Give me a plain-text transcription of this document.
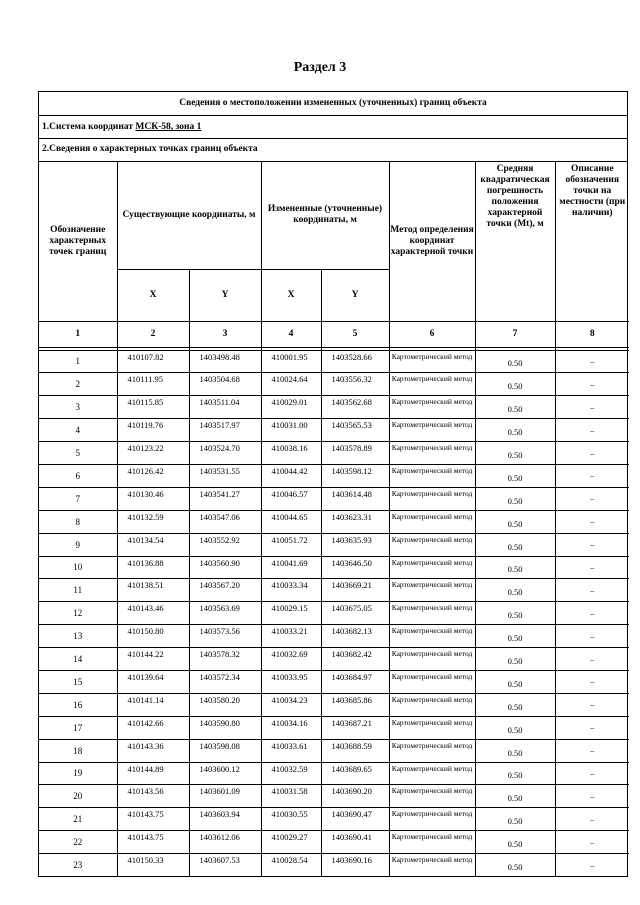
Раздел 3
Сведения о местоположении измененных (уточненных) границ объекта
1.Система координат МСК-58, зона 1
2.Сведения о характерных точках границ объекта
Обозначение характерных точек границ	Существующие координаты, м		Измененные (уточненные) координаты, м		Метод определения координат характерной точки	Средняя квадратическая погрешность положения характерной точки (Mt), м	Описание обозначения точки на местности (при наличии)
	X	Y	X	Y			
1	2	3	4	5	6	7	8

1	410107.82	1403498.48	410001.95	1403528.66	Картометрический метод	0.50	–
2	410111.95	1403504.68	410024.64	1403556.32	Картометрический метод	0.50	–
3	410115.85	1403511.04	410029.01	1403562.68	Картометрический метод	0.50	–
4	410119.76	1403517.97	410031.00	1403565.53	Картометрический метод	0.50	–
5	410123.22	1403524.70	410038.16	1403578.89	Картометрический метод	0.50	–
6	410126.42	1403531.55	410044.42	1403598.12	Картометрический метод	0.50	–
7	410130.46	1403541.27	410046.57	1403614.48	Картометрический метод	0.50	–
8	410132.59	1403547.06	410044.65	1403623.31	Картометрический метод	0.50	–
9	410134.54	1403552.92	410051.72	1403635.93	Картометрический метод	0.50	–
10	410136.88	1403560.90	410041.69	1403646.50	Картометрический метод	0.50	–
11	410138.51	1403567.20	410033.34	1403669.21	Картометрический метод	0.50	–
12	410143.46	1403563.69	410029.15	1403675.05	Картометрический метод	0.50	–
13	410150.80	1403573.56	410033.21	1403682.13	Картометрический метод	0.50	–
14	410144.22	1403578.32	410032.69	1403682.42	Картометрический метод	0.50	–
15	410139.64	1403572.34	410033.95	1403684.97	Картометрический метод	0.50	–
16	410141.14	1403580.20	410034.23	1403685.86	Картометрический метод	0.50	–
17	410142.66	1403590.80	410034.16	1403687.21	Картометрический метод	0.50	–
18	410143.36	1403598.08	410033.61	1403688.59	Картометрический метод	0.50	–
19	410144.89	1403600.12	410032.59	1403689.65	Картометрический метод	0.50	–
20	410143.56	1403601.09	410031.58	1403690.20	Картометрический метод	0.50	–
21	410143.75	1403603.94	410030.55	1403690.47	Картометрический метод	0.50	–
22	410143.75	1403612.06	410029.27	1403690.41	Картометрический метод	0.50	–
23	410150.33	1403607.53	410028.54	1403690.16	Картометрический метод	0.50	–
